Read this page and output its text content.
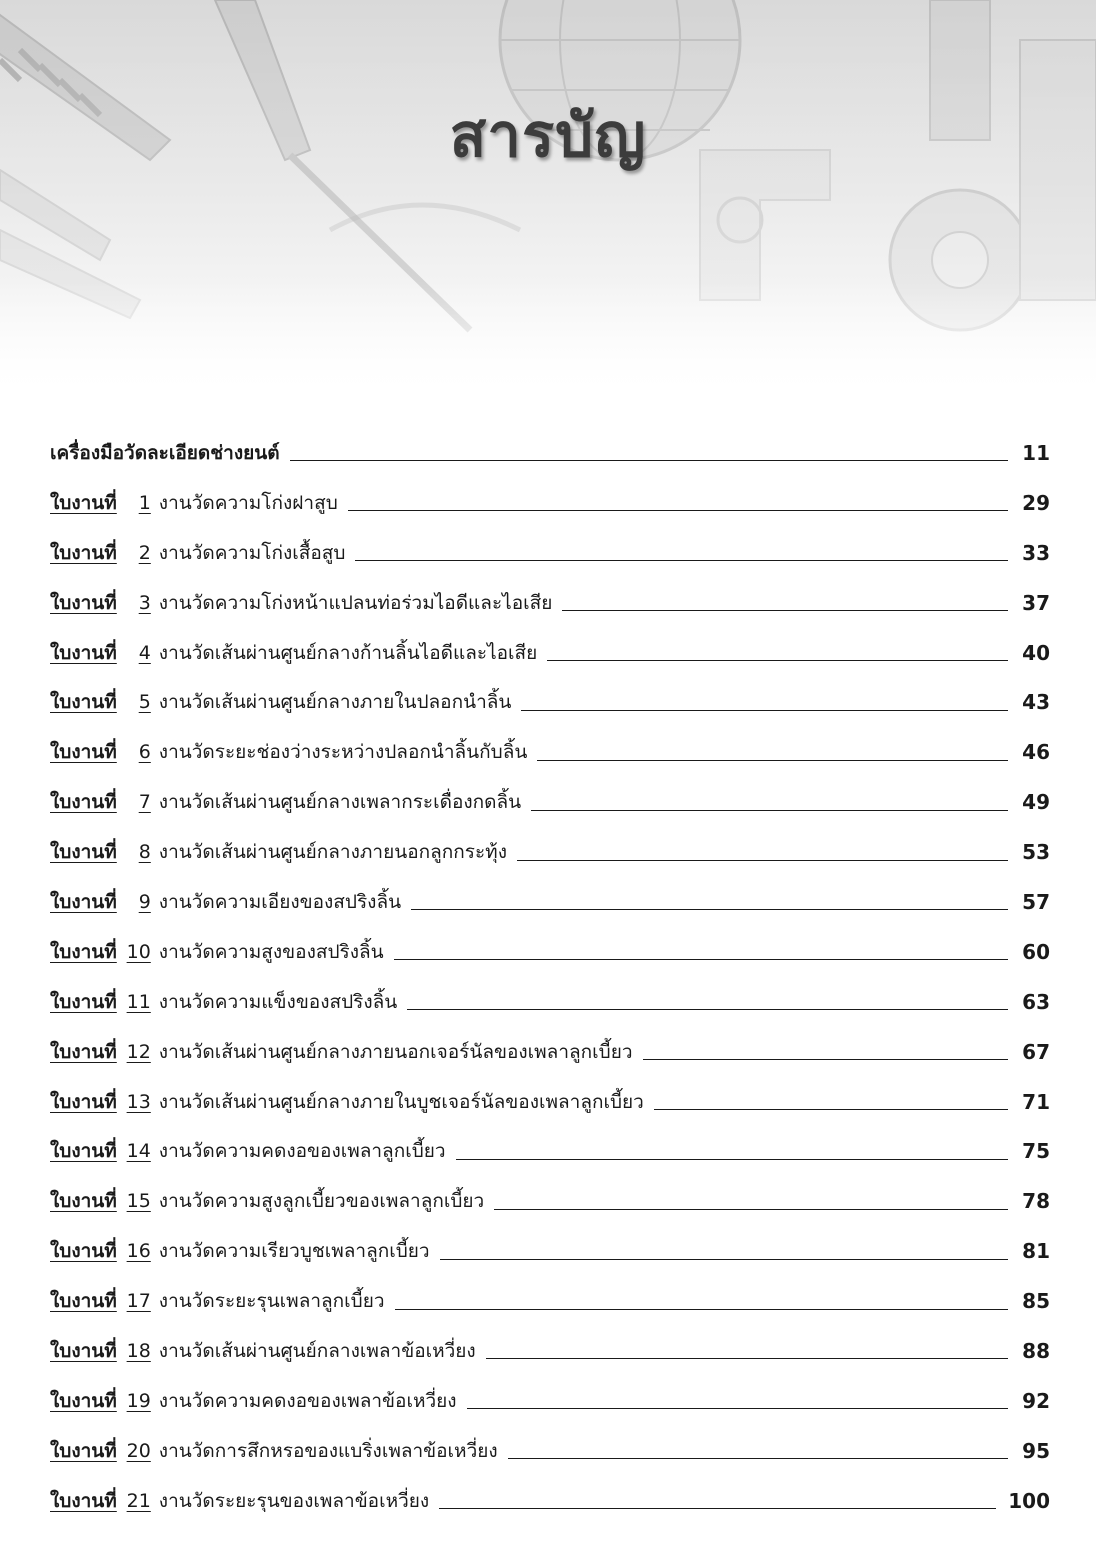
สารบัญ
เครื่องมือวัดละเอียดช่างยนต์	11
ใบงานที่	1 งานวัดความโก่งฝาสูบ	29
ใบงานที่	2 งานวัดความโก่งเสื้อสูบ	33
ใบงานที่	3 งานวัดความโก่งหน้าแปลนท่อร่วมไอดีและไอเสีย	37
ใบงานที่	4 งานวัดเส้นผ่านศูนย์กลางก้านลิ้นไอดีและไอเสีย	40
ใบงานที่	5 งานวัดเส้นผ่านศูนย์กลางภายในปลอกนำลิ้น	43
ใบงานที่	6 งานวัดระยะช่องว่างระหว่างปลอกนำลิ้นกับลิ้น	46
ใบงานที่	7 งานวัดเส้นผ่านศูนย์กลางเพลากระเดื่องกดลิ้น	49
ใบงานที่	8 งานวัดเส้นผ่านศูนย์กลางภายนอกลูกกระทุ้ง	53
ใบงานที่	9 งานวัดความเอียงของสปริงลิ้น	57
ใบงานที่ 10 งานวัดความสูงของสปริงลิ้น	60
ใบงานที่ 11 งานวัดความแข็งของสปริงลิ้น	63
ใบงานที่ 12 งานวัดเส้นผ่านศูนย์กลางภายนอกเจอร์นัลของเพลาลูกเบี้ยว	67
ใบงานที่ 13 งานวัดเส้นผ่านศูนย์กลางภายในบูชเจอร์นัลของเพลาลูกเบี้ยว	71
ใบงานที่ 14 งานวัดความคดงอของเพลาลูกเบี้ยว	75
ใบงานที่ 15 งานวัดความสูงลูกเบี้ยวของเพลาลูกเบี้ยว	78
ใบงานที่ 16 งานวัดความเรียวบูชเพลาลูกเบี้ยว	81
ใบงานที่ 17 งานวัดระยะรุนเพลาลูกเบี้ยว	85
ใบงานที่ 18 งานวัดเส้นผ่านศูนย์กลางเพลาข้อเหวี่ยง	88
ใบงานที่ 19 งานวัดความคดงอของเพลาข้อเหวี่ยง	92
ใบงานที่ 20 งานวัดการสึกหรอของแบริ่งเพลาข้อเหวี่ยง	95
ใบงานที่ 21 งานวัดระยะรุนของเพลาข้อเหวี่ยง	100
